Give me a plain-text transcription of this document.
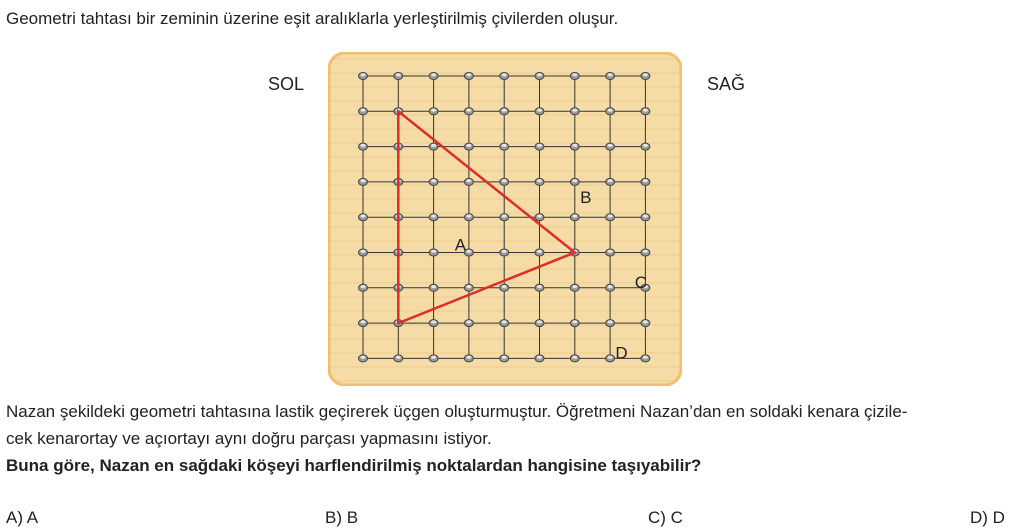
Geometri tahtası bir zeminin üzerine eşit aralıklarla yerleştirilmiş çivilerden oluşur.
SOL	SAĞ
A
B
C
D
Nazan şekildeki geometri tahtasına lastik geçirerek üçgen oluşturmuştur. Öğretmeni Nazan’dan en soldaki kenara çizile-
cek kenarortay ve açıortayı aynı doğru parçası yapmasını istiyor.
Buna göre, Nazan en sağdaki köşeyi harflendirilmiş noktalardan hangisine taşıyabilir?
A) A	B) B	C) C	D) D
